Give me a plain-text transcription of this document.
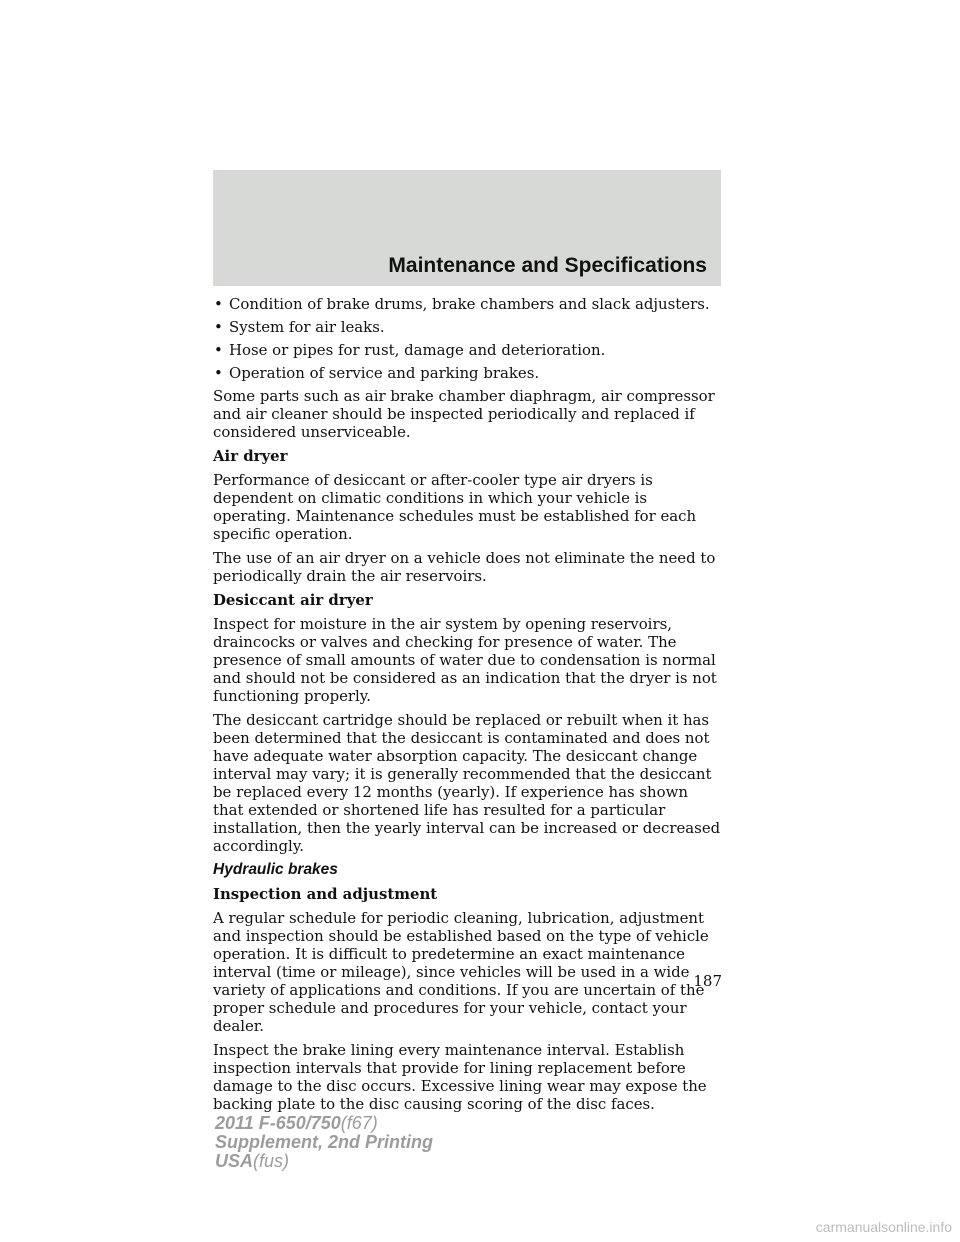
Maintenance and Specifications
• Condition of brake drums, brake chambers and slack adjusters.
• System for air leaks.
• Hose or pipes for rust, damage and deterioration.
• Operation of service and parking brakes.

Some parts such as air brake chamber diaphragm, air compressor and air cleaner should be inspected periodically and replaced if considered unserviceable.

Air dryer

Performance of desiccant or after-cooler type air dryers is dependent on climatic conditions in which your vehicle is operating. Maintenance schedules must be established for each specific operation.

The use of an air dryer on a vehicle does not eliminate the need to periodically drain the air reservoirs.

Desiccant air dryer

Inspect for moisture in the air system by opening reservoirs, draincocks or valves and checking for presence of water. The presence of small amounts of water due to condensation is normal and should not be considered as an indication that the dryer is not functioning properly.

The desiccant cartridge should be replaced or rebuilt when it has been determined that the desiccant is contaminated and does not have adequate water absorption capacity. The desiccant change interval may vary; it is generally recommended that the desiccant be replaced every 12 months (yearly). If experience has shown that extended or shortened life has resulted for a particular installation, then the yearly interval can be increased or decreased accordingly.

Hydraulic brakes

Inspection and adjustment

A regular schedule for periodic cleaning, lubrication, adjustment and inspection should be established based on the type of vehicle operation. It is difficult to predetermine an exact maintenance interval (time or mileage), since vehicles will be used in a wide variety of applications and conditions. If you are uncertain of the proper schedule and procedures for your vehicle, contact your dealer.

Inspect the brake lining every maintenance interval. Establish inspection intervals that provide for lining replacement before damage to the disc occurs. Excessive lining wear may expose the backing plate to the disc causing scoring of the disc faces.

187
2011 F-650/750(f67)
Supplement, 2nd Printing
USA(fus)
carmanualsonline.info
